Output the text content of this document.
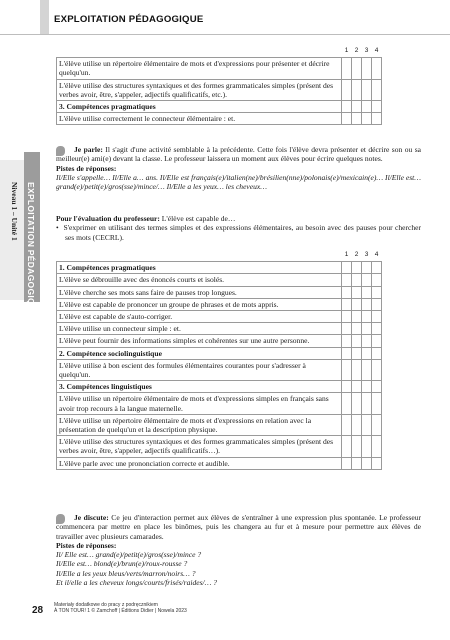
EXPLOITATION PÉDAGOGIQUE
Niveau 1 – Unité 1 EXPLOITATION PÉDAGOGIQUE
	1	2	3	4
L'élève utilise un répertoire élémentaire de mots et d'expressions pour présenter et décrire quelqu'un.				
L'élève utilise des structures syntaxiques et des formes grammaticales simples (présent des verbes avoir, être, s'appeler, adjectifs qualificatifs, etc.).				
3. Compétences pragmatiques				
L'élève utilise correctement le connecteur élémentaire : et.				

Je parle: Il s'agit d'une activité semblable à la précédente. Cette fois l'élève devra présenter et décrire son ou sa meilleur(e) ami(e) devant la classe. Le professeur laissera un moment aux élèves pour écrire quelques notes.

Pistes de réponses:

Il/Elle s'appelle… Il/Elle a… ans. Il/Elle est français(e)/italien(ne)/brésilien(nne)/polonais(e)/mexicain(e)… Il/Elle est… grand(e)/petit(e)/gros(sse)/mince/… Il/Elle a les yeux… les cheveux…

Pour l'évaluation du professeur: L'élève est capable de…

•  S'exprimer en utilisant des termes simples et des expressions élémentaires, au besoin avec des pauses pour chercher ses mots (CECRL).

	1	2	3	4
1. Compétences pragmatiques				
L'élève se débrouille avec des énoncés courts et isolés.				
L'élève cherche ses mots sans faire de pauses trop longues.				
L'élève est capable de prononcer un groupe de phrases et de mots appris.				
L'élève est capable de s'auto-corriger.				
L'élève utilise un connecteur simple : et.				
L'élève peut fournir des informations simples et cohérentes sur une autre personne.				
2. Compétence sociolinguistique				
L'élève utilise à bon escient des formules élémentaires courantes pour s'adresser à quelqu'un.				
3. Compétences linguistiques				
L'élève utilise un répertoire élémentaire de mots et d'expressions simples en français sans avoir trop recours à la langue maternelle.				
L'élève utilise un répertoire élémentaire de mots et d'expressions en relation avec la présentation de quelqu'un et la description physique.				
L'élève utilise des structures syntaxiques et des formes grammaticales simples (présent des verbes avoir, être, s'appeler, adjectifs qualificatifs…).				
L'élève parle avec une prononciation correcte et audible.				

Je discute: Ce jeu d'interaction permet aux élèves de s'entraîner à une expression plus spontanée. Le professeur commencera par mettre en place les binômes, puis les changera au fur et à mesure pour permettre aux élèves de travailler avec plusieurs camarades.

Pistes de réponses:

Il/ Elle est… grand(e)/petit(e)/gros(sse)/mince ?

Il/Elle est… blond(e)/brun(e)/roux-rousse ?

Il/Elle a les yeux bleus/verts/marron/noirs… ?

Et il/elle a les cheveux longs/courts/frisés/raides/… ?

28 Materiały dodatkowe do pracy z podręcznikiem
À TON TOUR! 1 © Zamchoff | Éditions Didier | Nowela 2023
